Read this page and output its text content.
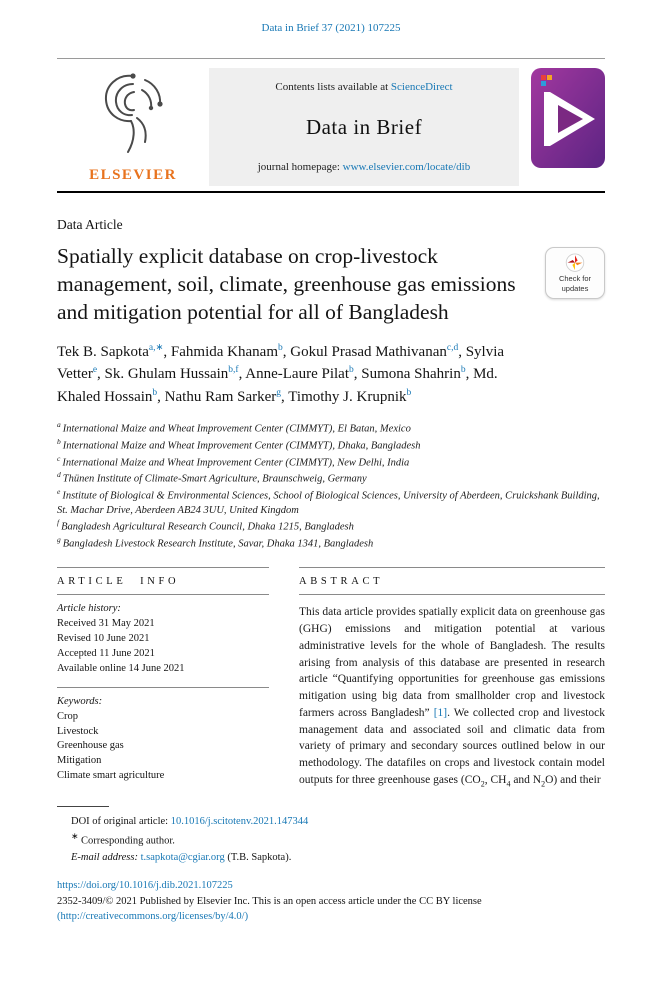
Data in Brief 37 (2021) 107225
ELSEVIER
Contents lists available at ScienceDirect
Data in Brief
journal homepage: www.elsevier.com/locate/dib
Data Article
Spatially explicit database on crop-livestock management, soil, climate, greenhouse gas emissions and mitigation potential for all of Bangladesh
Check for updates
Tek B. Sapkota$^{a,∗}$, Fahmida Khanam$^b$, Gokul Prasad Mathivanan$^{c,d}$, Sylvia Vetter$^e$, Sk. Ghulam Hussain$^{b,f}$, Anne-Laure Pilat$^b$, Sumona Shahrin$^b$, Md. Khaled Hossain$^b$, Nathu Ram Sarker$^g$, Timothy J. Krupnik$^b$
$^a$ International Maize and Wheat Improvement Center (CIMMYT), El Batan, Mexico
$^b$ International Maize and Wheat Improvement Center (CIMMYT), Dhaka, Bangladesh
$^c$ International Maize and Wheat Improvement Center (CIMMYT), New Delhi, India
$^d$ Thünen Institute of Climate-Smart Agriculture, Braunschweig, Germany
$^e$ Institute of Biological & Environmental Sciences, School of Biological Sciences, University of Aberdeen, Cruickshank Building, St. Machar Drive, Aberdeen AB24 3UU, United Kingdom
$^f$ Bangladesh Agricultural Research Council, Dhaka 1215, Bangladesh
$^g$ Bangladesh Livestock Research Institute, Savar, Dhaka 1341, Bangladesh
ARTICLE INFO
Article history:
Received 31 May 2021
Revised 10 June 2021
Accepted 11 June 2021
Available online 14 June 2021
Keywords:
Crop
Livestock
Greenhouse gas
Mitigation
Climate smart agriculture
ABSTRACT

This data article provides spatially explicit data on greenhouse gas (GHG) emissions and mitigation potential at various administrative levels for the whole of Bangladesh. The results arising from analysis of this database are presented in research article “Quantifying opportunities for greenhouse gas emissions mitigation using big data from smallholder crop and livestock farmers across Bangladesh” [1]. We collected crop and livestock management data and associated soil and climatic data from variety of primary and secondary sources outlined below in our methodology. The datafiles on crops and livestock contain model outputs for three greenhouse gases ($CO_2$, $CH_4$ and $N_2O$) and their

DOI of original article: 10.1016/j.scitotenv.2021.147344
∗ Corresponding author.
E-mail address: t.sapkota@cgiar.org (T.B. Sapkota).
https://doi.org/10.1016/j.dib.2021.107225
2352-3409/© 2021 Published by Elsevier Inc. This is an open access article under the CC BY license
(http://creativecommons.org/licenses/by/4.0/)
